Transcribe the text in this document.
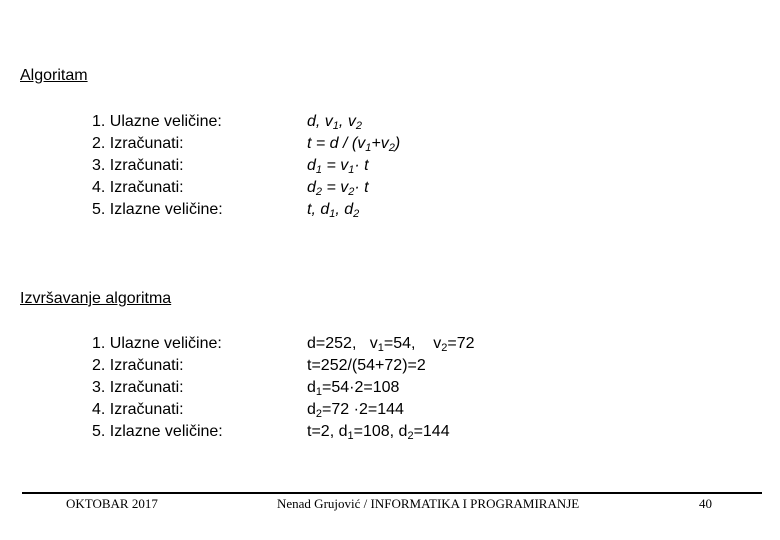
Algoritam
1. Ulazne veličine:
2. Izračunati:
3. Izračunati:
4. Izračunati:
5. Izlazne veličine:
d, $v_1$, $v_2$
$t = d / (v_1+v_2)$
$d_1 = v_1\cdot t$
$d_2 = v_2\cdot t$
t, $d_1$, $d_2$
Izvršavanje algoritma
1. Ulazne veličine:
2. Izračunati:
3. Izračunati:
4. Izračunati:
5. Izlazne veličine:
d=252,   $v_1=54$,    $v_2=72$
t=252/(54+72)=2
$d_1=54\cdot 2=108$
$d_2=72 \cdot 2=144$
t=2, $d_1=108$, $d_2=144$
OKTOBAR 2017	Nenad Grujović / INFORMATIKA I PROGRAMIRANJE	40
